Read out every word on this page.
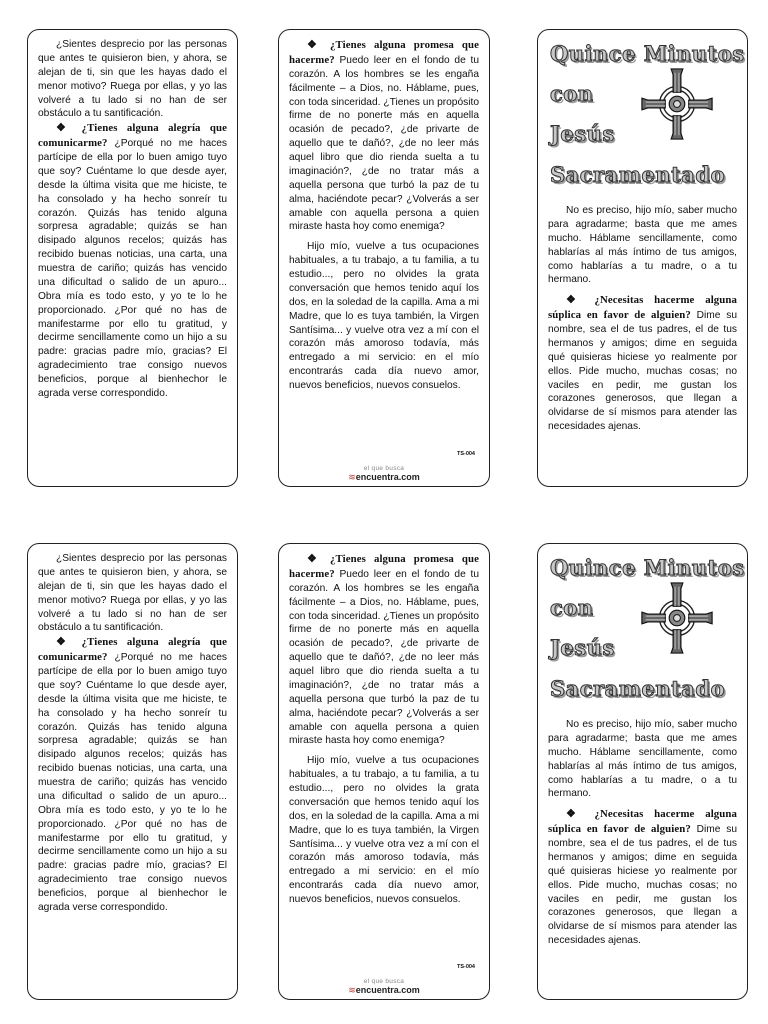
¿Sientes desprecio por las personas que antes te quisieron bien, y ahora, se alejan de ti, sin que les hayas dado el menor motivo? Ruega por ellas, y yo las volveré a tu lado si no han de ser obstáculo a tu santificación.

❖ ¿Tienes alguna alegría que comunicarme? ¿Porqué no me haces partícipe de ella por lo buen amigo tuyo que soy? Cuéntame lo que desde ayer, desde la última visita que me hiciste, te ha consolado y ha hecho sonreír tu corazón. Quizás has tenido alguna sorpresa agradable; quizás se han disipado algunos recelos; quizás has recibido buenas noticias, una carta, una muestra de cariño; quizás has vencido una dificultad o salido de un apuro... Obra mía es todo esto, y yo te lo he proporcionado. ¿Por qué no has de manifestarme por ello tu gratitud, y decirme sencillamente como un hijo a su padre: gracias padre mío, gracias? El agradecimiento trae consigo nuevos beneficios, porque al bienhechor le agrada verse correspondido.

❖ ¿Tienes alguna promesa que hacerme? Puedo leer en el fondo de tu corazón. A los hombres se les engaña fácilmente – a Dios, no. Háblame, pues, con toda sinceridad. ¿Tienes un propósito firme de no ponerte más en aquella ocasión de pecado?, ¿de privarte de aquello que te dañó?, ¿de no leer más aquel libro que dio rienda suelta a tu imaginación?, ¿de no tratar más a aquella persona que turbó la paz de tu alma, haciéndote pecar? ¿Volverás a ser amable con aquella persona a quien miraste hasta hoy como enemiga?

Hijo mío, vuelve a tus ocupaciones habituales, a tu trabajo, a tu familia, a tu estudio..., pero no olvides la grata conversación que hemos tenido aquí los dos, en la soledad de la capilla. Ama a mi Madre, que lo es tuya también, la Virgen Santísima... y vuelve otra vez a mí con el corazón más amoroso todavía, más entregado a mi servicio: en el mío encontrarás cada día nuevo amor, nuevos beneficios, nuevos consuelos.

TS-004
el que busca
≋encuentra.com
Quince Minutos
con
Jesús
Sacramentado

No es preciso, hijo mío, saber mucho para agradarme; basta que me ames mucho. Háblame sencillamente, como hablarías al más íntimo de tus amigos, como hablarías a tu madre, o a tu hermano.

❖ ¿Necesitas hacerme alguna súplica en favor de alguien? Dime su nombre, sea el de tus padres, el de tus hermanos y amigos; dime en seguida qué quisieras hiciese yo realmente por ellos. Pide mucho, muchas cosas; no vaciles en pedir, me gustan los corazones generosos, que llegan a olvidarse de sí mismos para atender las necesidades ajenas.

¿Sientes desprecio por las personas que antes te quisieron bien, y ahora, se alejan de ti, sin que les hayas dado el menor motivo? Ruega por ellas, y yo las volveré a tu lado si no han de ser obstáculo a tu santificación.

❖ ¿Tienes alguna alegría que comunicarme? ¿Porqué no me haces partícipe de ella por lo buen amigo tuyo que soy? Cuéntame lo que desde ayer, desde la última visita que me hiciste, te ha consolado y ha hecho sonreír tu corazón. Quizás has tenido alguna sorpresa agradable; quizás se han disipado algunos recelos; quizás has recibido buenas noticias, una carta, una muestra de cariño; quizás has vencido una dificultad o salido de un apuro... Obra mía es todo esto, y yo te lo he proporcionado. ¿Por qué no has de manifestarme por ello tu gratitud, y decirme sencillamente como un hijo a su padre: gracias padre mío, gracias? El agradecimiento trae consigo nuevos beneficios, porque al bienhechor le agrada verse correspondido.

❖ ¿Tienes alguna promesa que hacerme? Puedo leer en el fondo de tu corazón. A los hombres se les engaña fácilmente – a Dios, no. Háblame, pues, con toda sinceridad. ¿Tienes un propósito firme de no ponerte más en aquella ocasión de pecado?, ¿de privarte de aquello que te dañó?, ¿de no leer más aquel libro que dio rienda suelta a tu imaginación?, ¿de no tratar más a aquella persona que turbó la paz de tu alma, haciéndote pecar? ¿Volverás a ser amable con aquella persona a quien miraste hasta hoy como enemiga?

Hijo mío, vuelve a tus ocupaciones habituales, a tu trabajo, a tu familia, a tu estudio..., pero no olvides la grata conversación que hemos tenido aquí los dos, en la soledad de la capilla. Ama a mi Madre, que lo es tuya también, la Virgen Santísima... y vuelve otra vez a mí con el corazón más amoroso todavía, más entregado a mi servicio: en el mío encontrarás cada día nuevo amor, nuevos beneficios, nuevos consuelos.

TS-004
el que busca
≋encuentra.com
Quince Minutos
con
Jesús
Sacramentado

No es preciso, hijo mío, saber mucho para agradarme; basta que me ames mucho. Háblame sencillamente, como hablarías al más íntimo de tus amigos, como hablarías a tu madre, o a tu hermano.

❖ ¿Necesitas hacerme alguna súplica en favor de alguien? Dime su nombre, sea el de tus padres, el de tus hermanos y amigos; dime en seguida qué quisieras hiciese yo realmente por ellos. Pide mucho, muchas cosas; no vaciles en pedir, me gustan los corazones generosos, que llegan a olvidarse de sí mismos para atender las necesidades ajenas.
